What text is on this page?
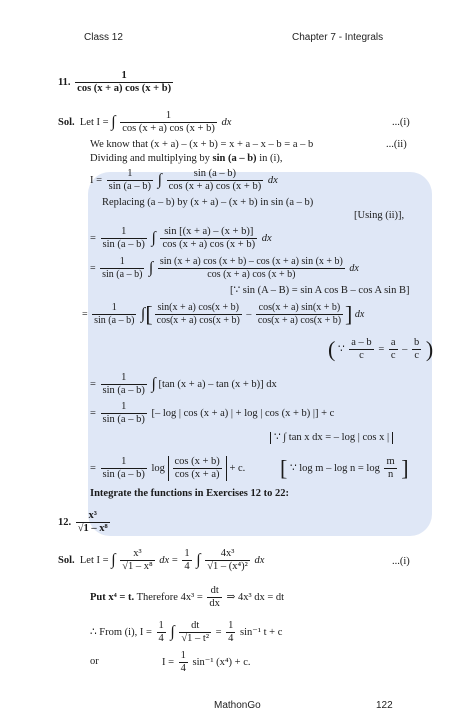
Class 12	Chapter 7 - Integrals
11. $\frac{1}{\cos (x + a) \cos (x + b)}$
Sol. Let I = ∫ $\frac{1}{\cos (x + a) \cos (x + b)}$ dx	...(i)
We know that (x + a) – (x + b) = x + a – x – b = a – b	...(ii)
Dividing and multiplying by sin (a – b) in (i),
$I = \frac{1}{\sin (a - b)}$ ∫ $\frac{\sin (a - b)}{\cos (x + a) \cos (x + b)}$ dx
Replacing (a – b) by (x + a) – (x + b) in sin (a – b)
[Using (ii)],
= $\frac{1}{\sin (a - b)}$ ∫ $\frac{\sin [(x + a) - (x + b)]}{\cos (x + a) \cos (x + b)}$ dx
= $\frac{1}{\sin (a - b)}$ ∫ $\frac{\sin (x + a) \cos (x + b) - \cos (x + a) \sin (x + b)}{\cos (x + a) \cos (x + b)}$ dx
[∵ sin (A – B) = sin A cos B – cos A sin B]
= $\frac{1}{\sin (a - b)}$ ∫[ $\frac{\sin(x + a) \cos(x + b)}{\cos(x + a) \cos(x + b)} - \frac{\cos(x + a) \sin(x + b)}{\cos(x + a) \cos(x + b)}$ ] dx
( ∵ $\frac{a - b}{c} = \frac{a}{c} - \frac{b}{c}$ )
= $\frac{1}{\sin (a - b)}$ ∫ [tan (x + a) – tan (x + b)] dx
= $\frac{1}{\sin (a - b)}$ [– log | cos (x + a) | + log | cos (x + b) |] + c
∵ ∫ tan x dx = – log | cos x |
= $\frac{1}{\sin (a - b)}$ $\log \frac{\cos (x + b)}{\cos (x + a)} + c$. [ ∵ $\log m - \log n = \log \frac{m}{n}$ ]
Integrate the functions in Exercises 12 to 22:
12. $\frac{\text{x³}}{\text{√1 – x⁸}}$
Sol. Let I = ∫ $\frac{\text{x³}}{\text{√1 – x⁸}}$ dx = $\frac{1}{4}$ ∫ $\frac{\text{4x³}}{\text{√1 – (x⁴)²}}$ dx	...(i)
Put x⁴ = t. Therefore $4x^3 = \frac{dt}{dx}$ ⇒ 4x³ dx = dt
∴ From (i), $I = \frac{1}{4}$ ∫ $\frac{dt}{\text{√1 – t²}} = \frac{1}{4} \sin^{-1}$ t + c
or	$I = \frac{1}{4} \sin^{-1}$ (x⁴) + c.
MathonGo	122
